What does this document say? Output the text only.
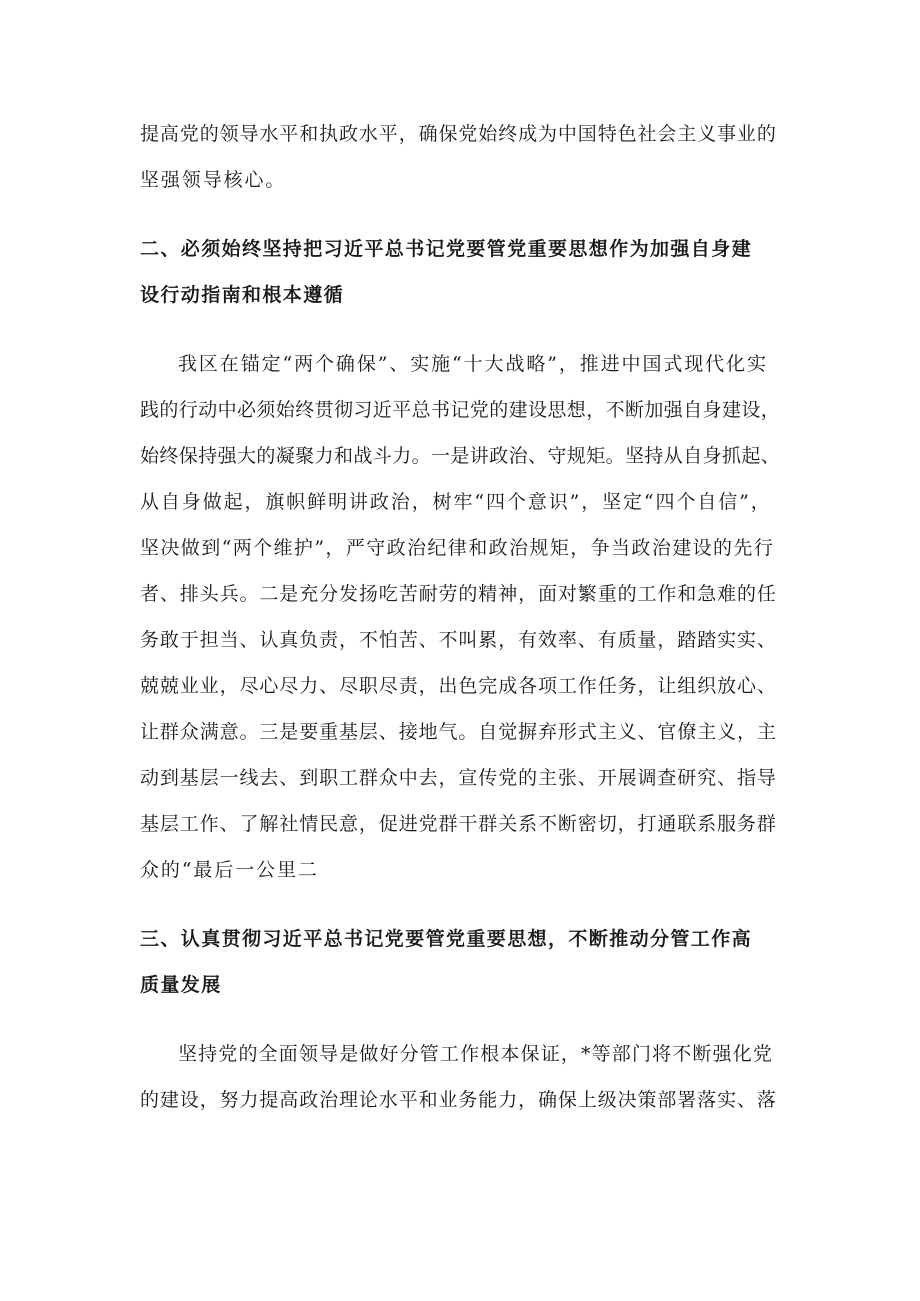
提高党的领导水平和执政水平，确保党始终成为中国特色社会主义事业的

坚强领导核心。

二、必须始终坚持把习近平总书记党要管党重要思想作为加强自身建

设行动指南和根本遵循

我区在锚定“两个确保”、实施“十大战略”，推进中国式现代化实

践的行动中必须始终贯彻习近平总书记党的建设思想，不断加强自身建设，

始终保持强大的凝聚力和战斗力。一是讲政治、守规矩。坚持从自身抓起、

从自身做起，旗帜鲜明讲政治，树牢“四个意识”，坚定“四个自信”，

坚决做到“两个维护”，严守政治纪律和政治规矩，争当政治建设的先行

者、排头兵。二是充分发扬吃苦耐劳的精神，面对繁重的工作和急难的任

务敢于担当、认真负责，不怕苦、不叫累，有效率、有质量，踏踏实实、

兢兢业业，尽心尽力、尽职尽责，出色完成各项工作任务，让组织放心、

让群众满意。三是要重基层、接地气。自觉摒弃形式主义、官僚主义，主

动到基层一线去、到职工群众中去，宣传党的主张、开展调查研究、指导

基层工作、了解社情民意，促进党群干群关系不断密切，打通联系服务群

众的“最后一公里二

三、认真贯彻习近平总书记党要管党重要思想，不断推动分管工作高

质量发展

坚持党的全面领导是做好分管工作根本保证，*等部门将不断强化党

的建设，努力提高政治理论水平和业务能力，确保上级决策部署落实、落
